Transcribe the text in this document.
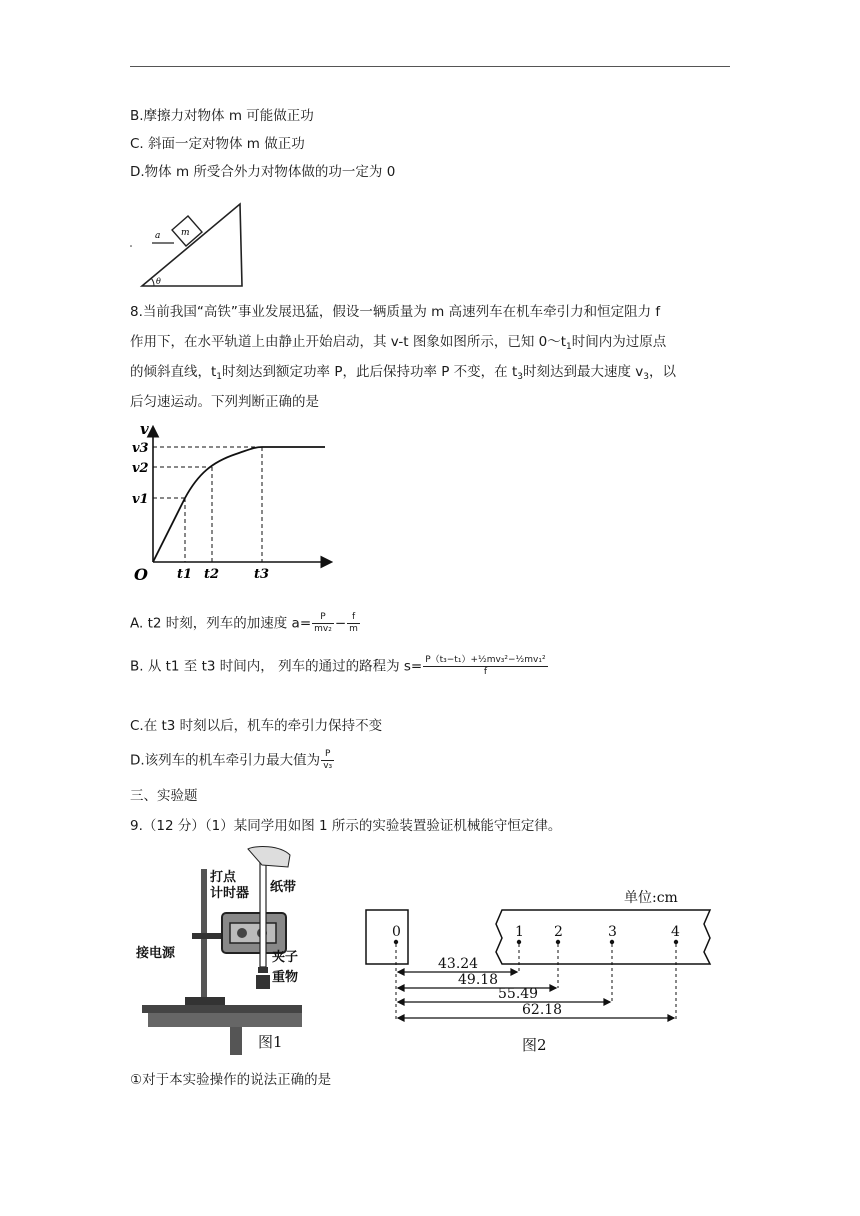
B.摩擦力对物体 m 可能做正功
C. 斜面一定对物体 m 做正功
D.物体 m 所受合外力对物体做的功一定为 0
m
a
θ
8.当前我国“高铁”事业发展迅猛，假设一辆质量为 m 高速列车在机车牵引力和恒定阻力 f
作用下，在水平轨道上由静止开始启动，其 v-t 图象如图所示，已知 $0\sim t_1$时间内为过原点
的倾斜直线，$t_1$时刻达到额定功率 P，此后保持功率 P 不变，在 $t_3$时刻达到最大速度 $v_3$，以
后匀速运动。下列判断正确的是
v
O
v3
v2
v1
t1 t2	t3
A. t2 时刻，列车的加速度 $a= \frac{P}{\text{mv₂}} - \frac{f}{m}$
B. 从 t1 至 t3 时间内， 列车的通过的路程为 $s= \frac{\text{P（t₃−t₁）+½mv₃²−½mv₁²}}{f}$
C.在 t3 时刻以后，机车的牵引力保持不变
D.该列车的机车牵引力最大值为 $\frac{P}{\text{v₃}}$
三、实验题
9.（12 分）（1）某同学用如图 1 所示的实验装置验证机械能守恒定律。
打点
计时器 纸带
接电源	夹子
重物
图1
单位:cm
0	1 2	3	4
43.24
49.18
55.49
62.18
图2
①对于本实验操作的说法正确的是
